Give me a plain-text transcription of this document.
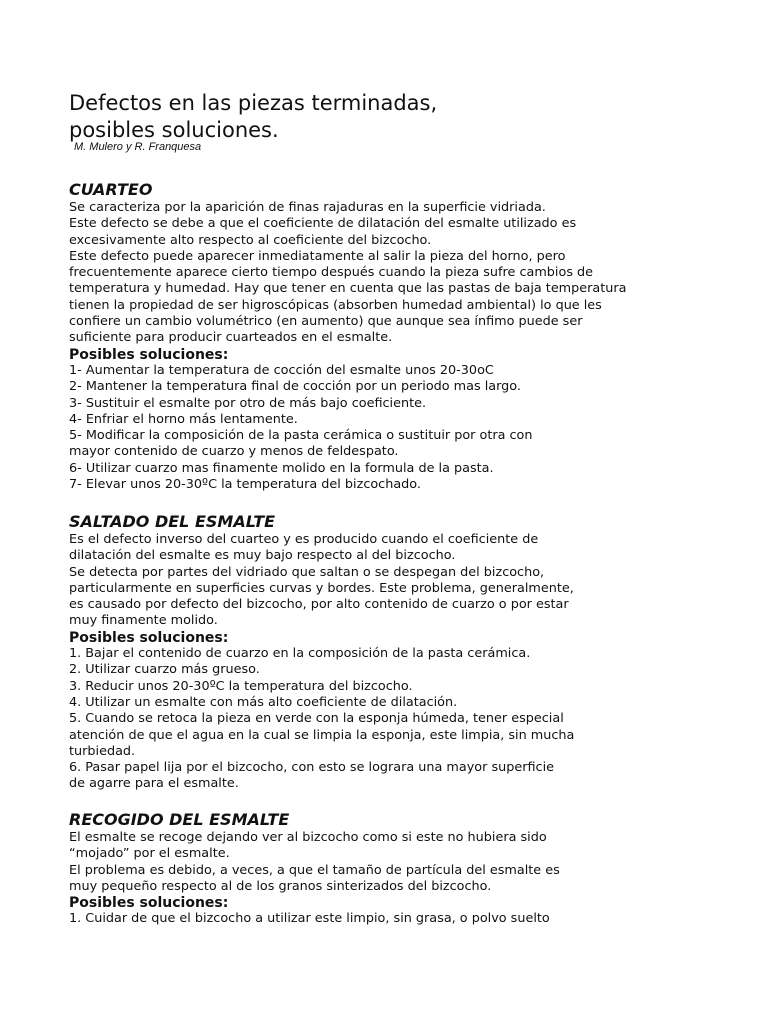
Defectos en las piezas terminadas,
posibles soluciones.

M. Mulero y R. Franquesa

CUARTEO
Se caracteriza por la aparición de finas rajaduras en la superficie vidriada.
Este defecto se debe a que el coeficiente de dilatación del esmalte utilizado es
excesivamente alto respecto al coeficiente del bizcocho.
Este defecto puede aparecer inmediatamente al salir la pieza del horno, pero
frecuentemente aparece cierto tiempo después cuando la pieza sufre cambios de
temperatura y humedad. Hay que tener en cuenta que las pastas de baja temperatura
tienen la propiedad de ser higroscópicas (absorben humedad ambiental) lo que les
confiere un cambio volumétrico (en aumento) que aunque sea ínfimo puede ser
suficiente para producir cuarteados en el esmalte.
Posibles soluciones:
1- Aumentar la temperatura de cocción del esmalte unos 20-30oC
2- Mantener la temperatura final de cocción por un periodo mas largo.
3- Sustituir el esmalte por otro de más bajo coeficiente.
4- Enfriar el horno más lentamente.
5- Modificar la composición de la pasta cerámica o sustituir por otra con
mayor contenido de cuarzo y menos de feldespato.
6- Utilizar cuarzo mas finamente molido en la formula de la pasta.
7- Elevar unos 20-30ºC la temperatura del bizcochado.
SALTADO DEL ESMALTE
Es el defecto inverso del cuarteo y es producido cuando el coeficiente de
dilatación del esmalte es muy bajo respecto al del bizcocho.
Se detecta por partes del vidriado que saltan o se despegan del bizcocho,
particularmente en superficies curvas y bordes. Este problema, generalmente,
es causado por defecto del bizcocho, por alto contenido de cuarzo o por estar
muy finamente molido.
Posibles soluciones:
1. Bajar el contenido de cuarzo en la composición de la pasta cerámica.
2. Utilizar cuarzo más grueso.
3. Reducir unos 20-30ºC la temperatura del bizcocho.
4. Utilizar un esmalte con más alto coeficiente de dilatación.
5. Cuando se retoca la pieza en verde con la esponja húmeda, tener especial
atención de que el agua en la cual se limpia la esponja, este limpia, sin mucha
turbiedad.
6. Pasar papel lija por el bizcocho, con esto se lograra una mayor superficie
de agarre para el esmalte.
RECOGIDO DEL ESMALTE
El esmalte se recoge dejando ver al bizcocho como si este no hubiera sido
“mojado” por el esmalte.
El problema es debido, a veces, a que el tamaño de partícula del esmalte es
muy pequeño respecto al de los granos sinterizados del bizcocho.
Posibles soluciones:
1. Cuidar de que el bizcocho a utilizar este limpio, sin grasa, o polvo suelto
